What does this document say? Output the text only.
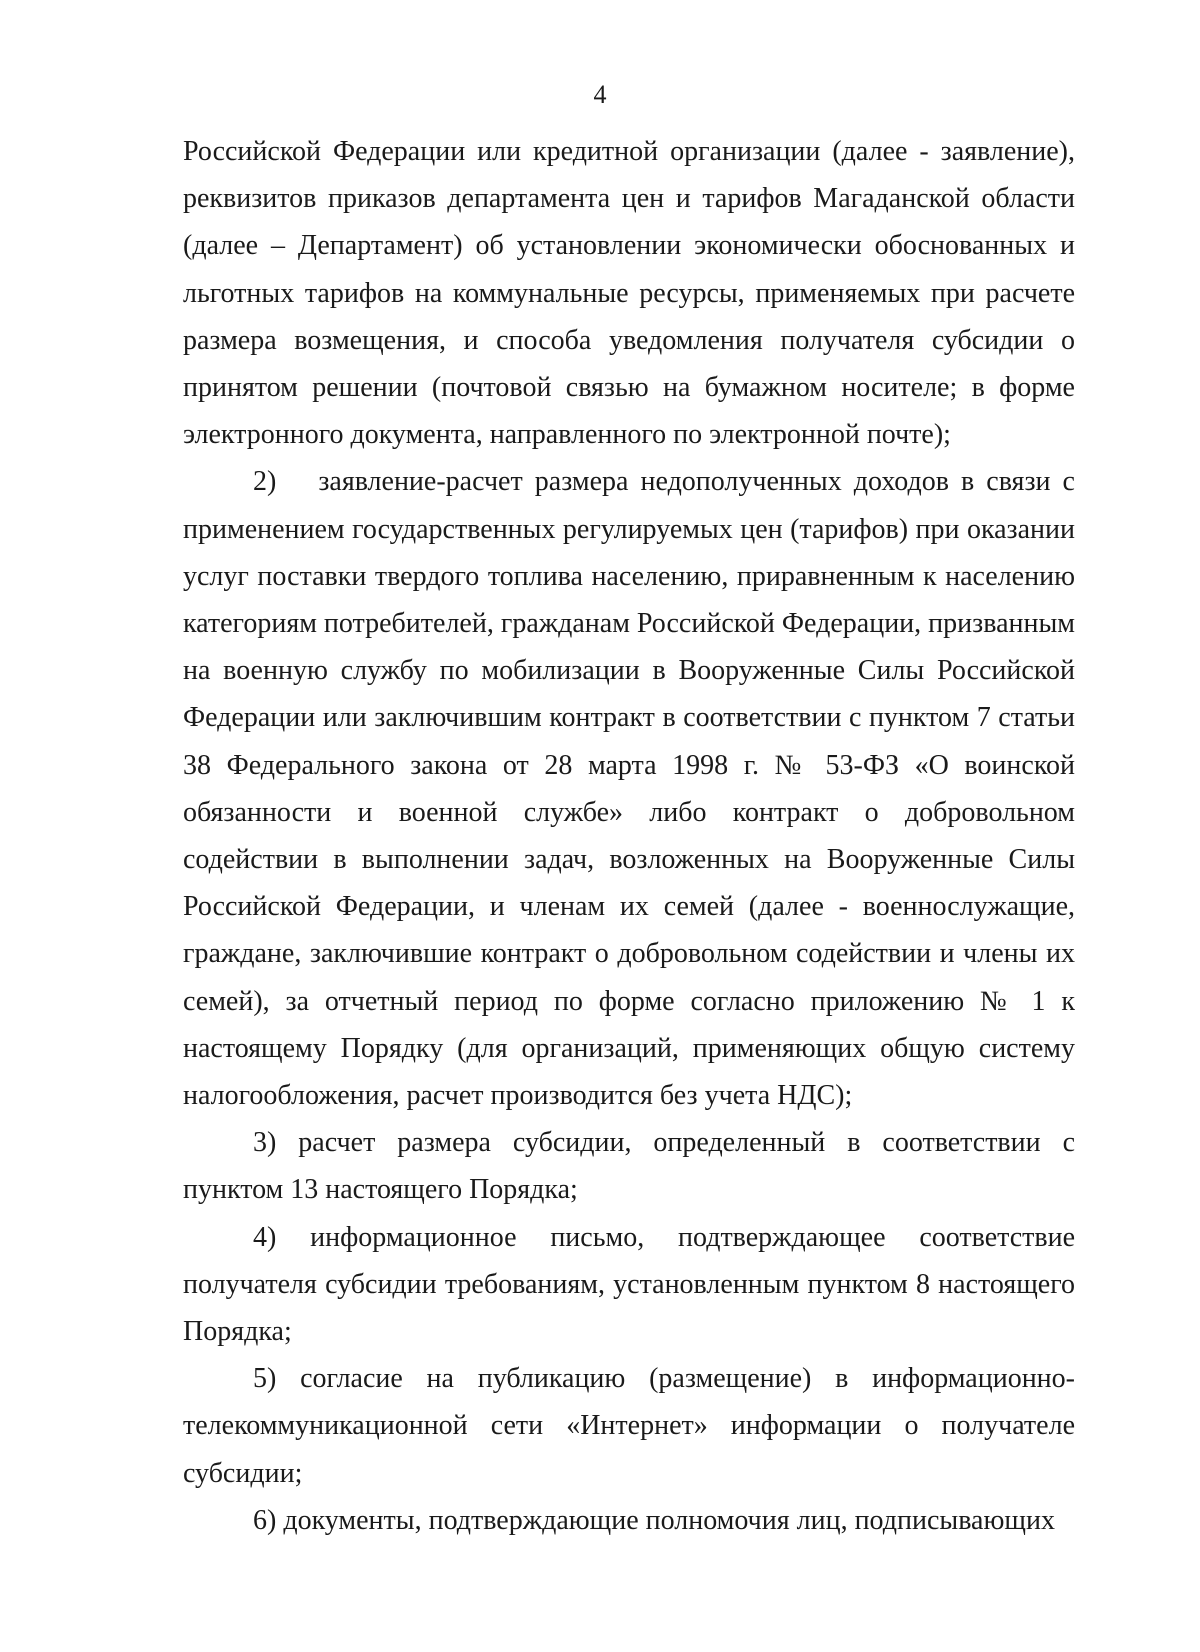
4

Российской Федерации или кредитной организации (далее - заявление), реквизитов приказов департамента цен и тарифов Магаданской области (далее – Департамент) об установлении экономически обоснованных и льготных тарифов на коммунальные ресурсы, применяемых при расчете размера возмещения, и способа уведомления получателя субсидии о принятом решении (почтовой связью на бумажном носителе; в форме электронного документа, направленного по электронной почте);

2)  заявление-расчет размера недополученных доходов в связи с применением государственных регулируемых цен (тарифов) при оказании услуг поставки твердого топлива населению, приравненным к населению категориям потребителей, гражданам Российской Федерации, призванным на военную службу по мобилизации в Вооруженные Силы Российской Федерации или заключившим контракт в соответствии с пунктом 7 статьи 38 Федерального закона от 28 марта 1998 г. № 53-ФЗ «О воинской обязанности и военной службе» либо контракт о добровольном содействии в выполнении задач, возложенных на Вооруженные Силы Российской Федерации, и членам их семей (далее - военнослужащие, граждане, заключившие контракт о добровольном содействии и члены их семей), за отчетный период по форме согласно приложению № 1 к настоящему Порядку (для организаций, применяющих общую систему налогообложения, расчет производится без учета НДС);

3) расчет размера субсидии, определенный в соответствии с пунктом 13 настоящего Порядка;

4) информационное письмо, подтверждающее соответствие получателя субсидии требованиям, установленным пунктом 8 настоящего Порядка;

5) согласие на публикацию (размещение) в информационно-телекоммуникационной сети «Интернет» информации о получателе субсидии;

6) документы, подтверждающие полномочия лиц, подписывающих
